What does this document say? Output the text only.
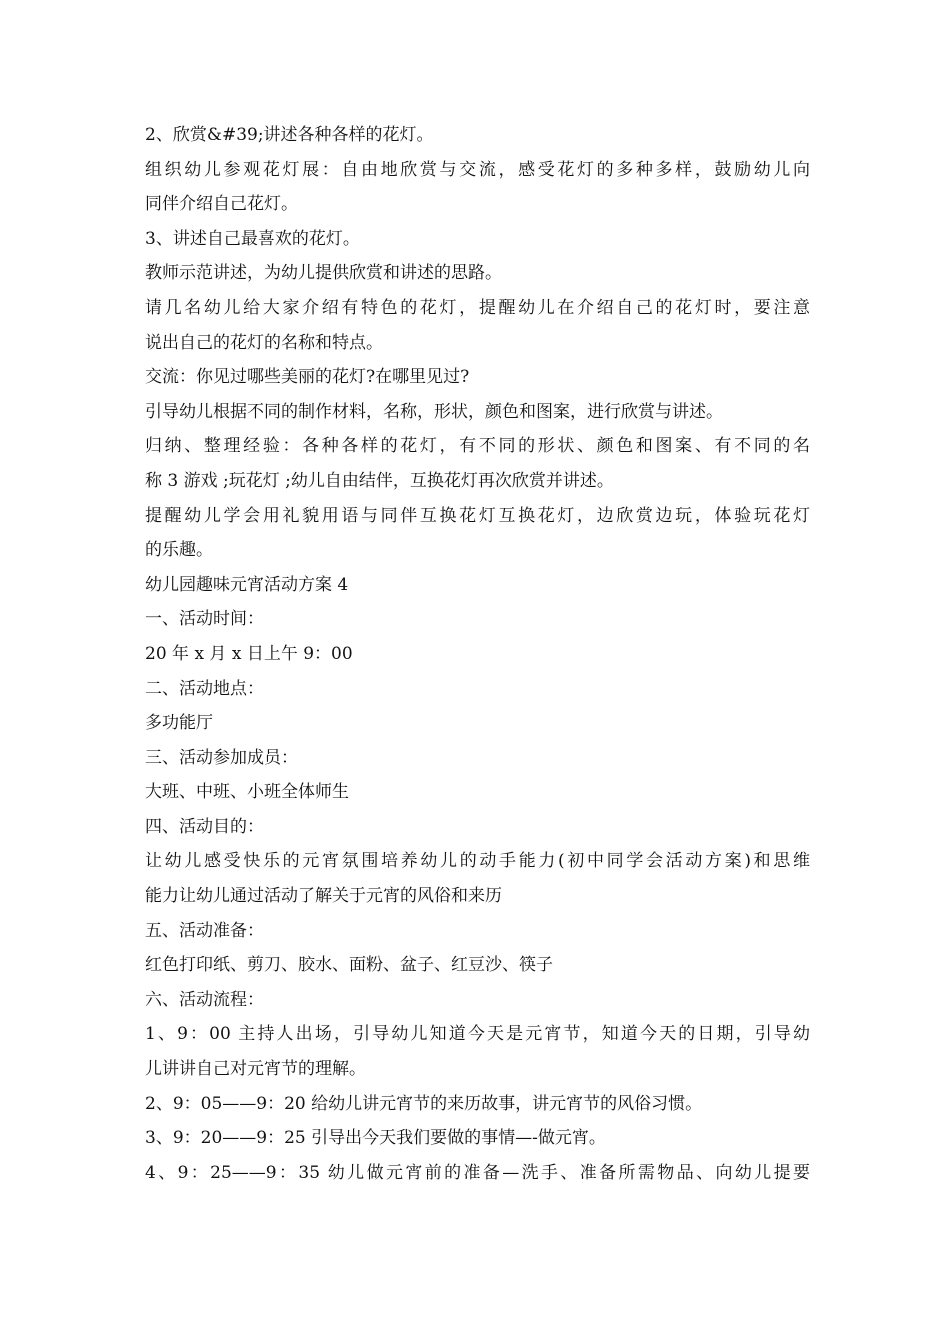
2、欣赏&#39;讲述各种各样的花灯。
组织幼儿参观花灯展：自由地欣赏与交流，感受花灯的多种多样，鼓励幼儿向
同伴介绍自己花灯。
3、讲述自己最喜欢的花灯。
教师示范讲述，为幼儿提供欣赏和讲述的思路。
请几名幼儿给大家介绍有特色的花灯，提醒幼儿在介绍自己的花灯时，要注意
说出自己的花灯的名称和特点。
交流：你见过哪些美丽的花灯?在哪里见过?
引导幼儿根据不同的制作材料，名称，形状，颜色和图案，进行欣赏与讲述。
归纳、整理经验：各种各样的花灯，有不同的形状、颜色和图案、有不同的名
称 3 游戏 ;玩花灯 ;幼儿自由结伴，互换花灯再次欣赏并讲述。
提醒幼儿学会用礼貌用语与同伴互换花灯互换花灯，边欣赏边玩，体验玩花灯
的乐趣。
幼儿园趣味元宵活动方案 4
一、活动时间：
20 年 x 月 x 日上午 9：00
二、活动地点：
多功能厅
三、活动参加成员：
大班、中班、小班全体师生
四、活动目的：
让幼儿感受快乐的元宵氛围培养幼儿的动手能力(初中同学会活动方案)和思维
能力让幼儿通过活动了解关于元宵的风俗和来历
五、活动准备：
红色打印纸、剪刀、胶水、面粉、盆子、红豆沙、筷子
六、活动流程：
1、9：00 主持人出场，引导幼儿知道今天是元宵节，知道今天的日期，引导幼
儿讲讲自己对元宵节的理解。
2、9：05——9：20 给幼儿讲元宵节的来历故事，讲元宵节的风俗习惯。
3、9：20——9：25 引导出今天我们要做的事情—-做元宵。
4、9：25——9：35 幼儿做元宵前的准备—洗手、准备所需物品、向幼儿提要
